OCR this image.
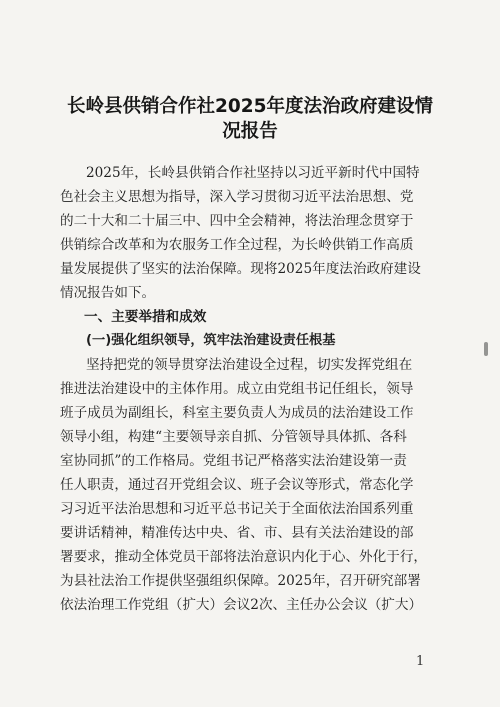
长岭县供销合作社2025年度法治政府建设情
况报告
2025年，长岭县供销合作社坚持以习近平新时代中国特
色社会主义思想为指导，深入学习贯彻习近平法治思想、党
的二十大和二十届三中、四中全会精神，将法治理念贯穿于
供销综合改革和为农服务工作全过程，为长岭供销工作高质
量发展提供了坚实的法治保障。现将2025年度法治政府建设
情况报告如下。
一、主要举措和成效
(一)强化组织领导，筑牢法治建设责任根基
坚持把党的领导贯穿法治建设全过程，切实发挥党组在
推进法治建设中的主体作用。成立由党组书记任组长，领导
班子成员为副组长，科室主要负责人为成员的法治建设工作
领导小组，构建“主要领导亲自抓、分管领导具体抓、各科
室协同抓”的工作格局。党组书记严格落实法治建设第一责
任人职责，通过召开党组会议、班子会议等形式，常态化学
习习近平法治思想和习近平总书记关于全面依法治国系列重
要讲话精神，精准传达中央、省、市、县有关法治建设的部
署要求，推动全体党员干部将法治意识内化于心、外化于行，
为县社法治工作提供坚强组织保障。2025年，召开研究部署
依法治理工作党组（扩大）会议2次、主任办公会议（扩大）
1
